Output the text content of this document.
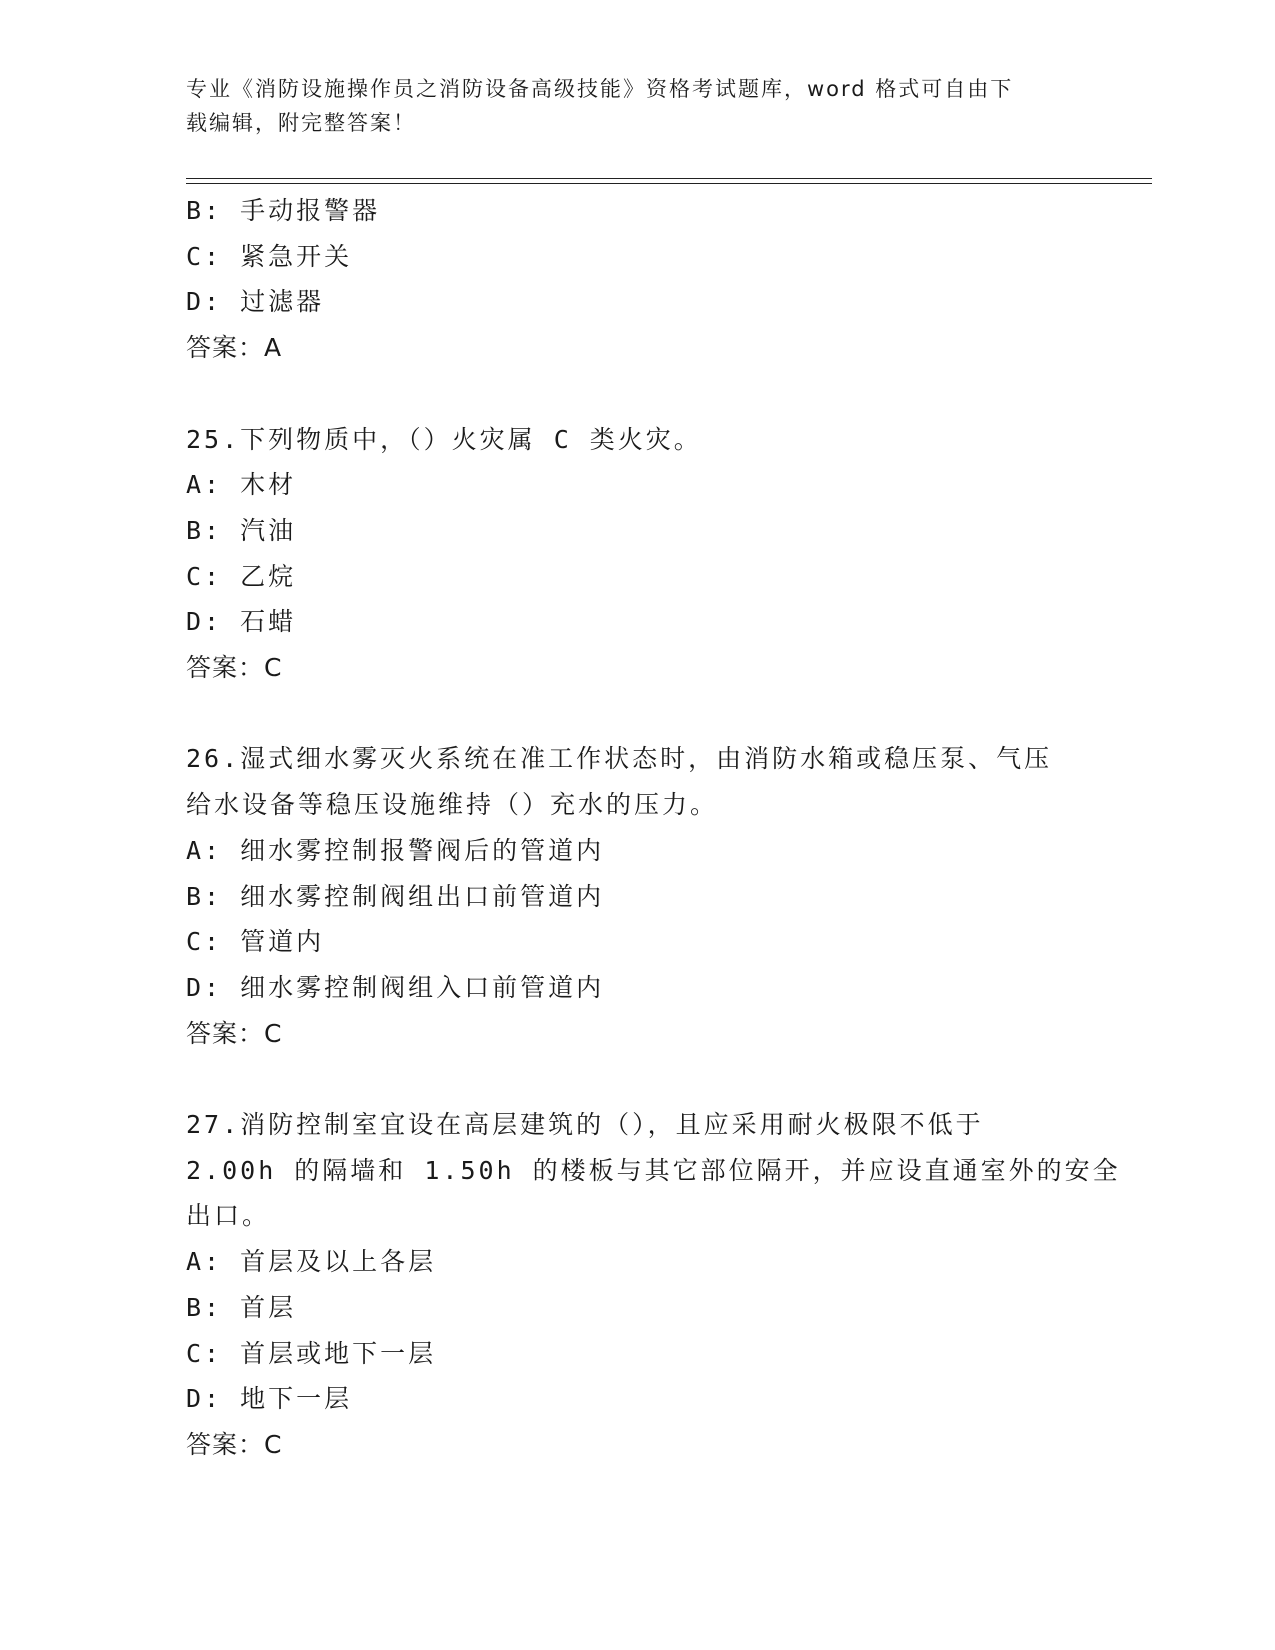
专业《消防设施操作员之消防设备高级技能》资格考试题库，word 格式可自由下
载编辑，附完整答案！
B: 手动报警器
C: 紧急开关
D: 过滤器
答案：A
25.下列物质中，（）火灾属 C 类火灾。
A: 木材
B: 汽油
C: 乙烷
D: 石蜡
答案：C
26.湿式细水雾灭火系统在准工作状态时，由消防水箱或稳压泵、气压
给水设备等稳压设施维持（）充水的压力。
A: 细水雾控制报警阀后的管道内
B: 细水雾控制阀组出口前管道内
C: 管道内
D: 细水雾控制阀组入口前管道内
答案：C
27.消防控制室宜设在高层建筑的（），且应采用耐火极限不低于
2.00h 的隔墙和 1.50h 的楼板与其它部位隔开，并应设直通室外的安全
出口。
A: 首层及以上各层
B: 首层
C: 首层或地下一层
D: 地下一层
答案：C
